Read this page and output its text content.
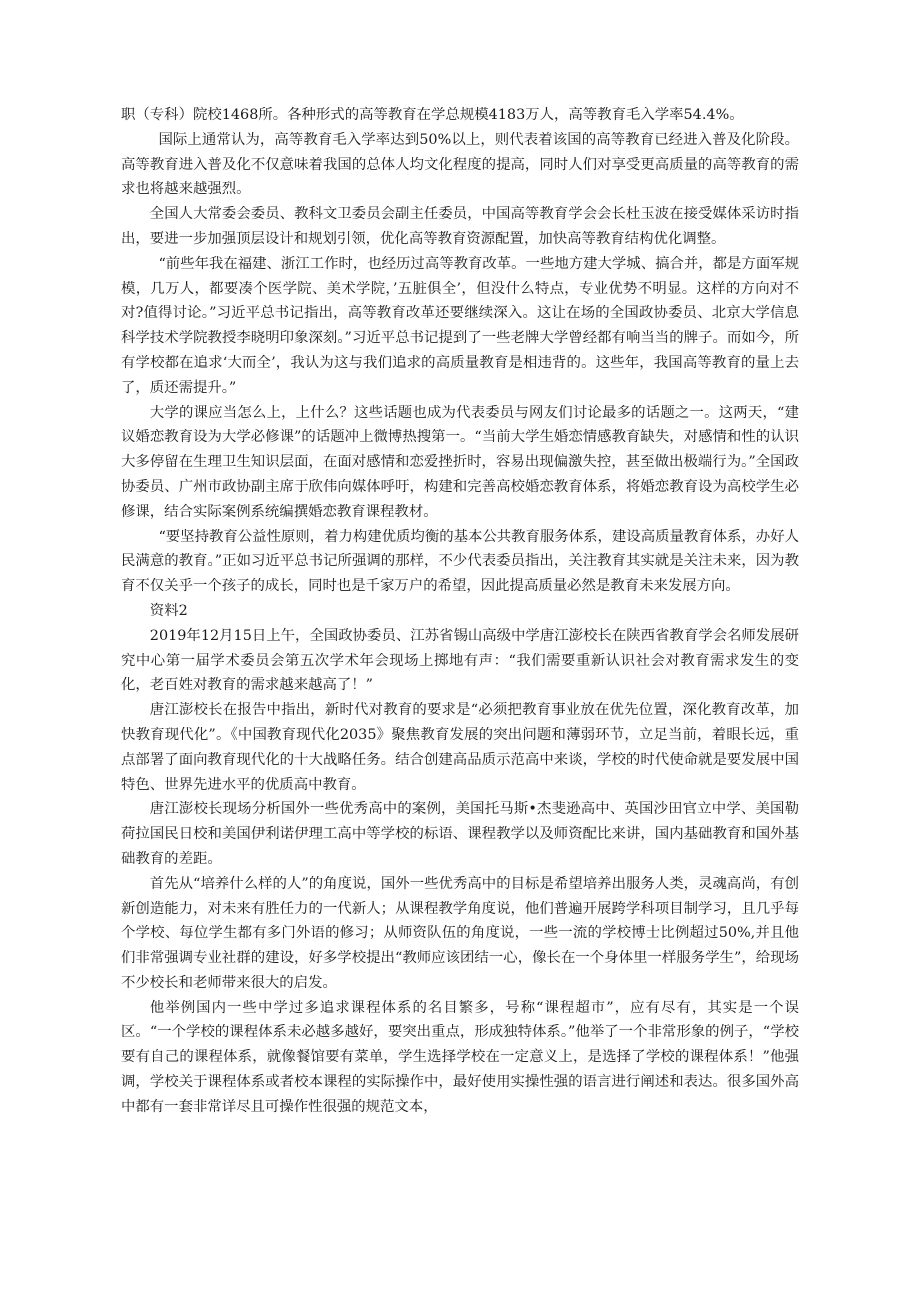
职（专科）院校1468所。各种形式的高等教育在学总规模4183万人，高等教育毛入学率54.4%。

国际上通常认为，高等教育毛入学率达到50%以上，则代表着该国的高等教育已经进入普及化阶段。高等教育进入普及化不仅意味着我国的总体人均文化程度的提高，同时人们对享受更高质量的高等教育的需求也将越来越强烈。

全国人大常委会委员、教科文卫委员会副主任委员，中国高等教育学会会长杜玉波在接受媒体采访时指出，要进一步加强顶层设计和规划引领，优化高等教育资源配置，加快高等教育结构优化调整。

“前些年我在福建、浙江工作时，也经历过高等教育改革。一些地方建大学城、搞合并，都是方面军规模，几万人，都要凑个医学院、美术学院，’五脏俱全’，但没什么特点，专业优势不明显。这样的方向对不对?值得讨论。”习近平总书记指出，高等教育改革还要继续深入。这让在场的全国政协委员、北京大学信息科学技术学院教授李晓明印象深刻。”习近平总书记提到了一些老牌大学曾经都有响当当的牌子。而如今，所有学校都在追求‘大而全’，我认为这与我们追求的高质量教育是相违背的。这些年，我国高等教育的量上去了，质还需提升。”

大学的课应当怎么上，上什么？这些话题也成为代表委员与网友们讨论最多的话题之一。这两天，“建议婚恋教育设为大学必修课”的话题冲上微博热搜第一。“当前大学生婚恋情感教育缺失，对感情和性的认识大多停留在生理卫生知识层面，在面对感情和恋爱挫折时，容易出现偏激失控，甚至做出极端行为。”全国政协委员、广州市政协副主席于欣伟向媒体呼吁，构建和完善高校婚恋教育体系，将婚恋教育设为高校学生必修课，结合实际案例系统编撰婚恋教育课程教材。

“要坚持教育公益性原则，着力构建优质均衡的基本公共教育服务体系，建设高质量教育体系，办好人民满意的教育。”正如习近平总书记所强调的那样，不少代表委员指出，关注教育其实就是关注未来，因为教育不仅关乎一个孩子的成长，同时也是千家万户的希望，因此提高质量必然是教育未来发展方向。

资料2

2019年12月15日上午，全国政协委员、江苏省锡山高级中学唐江澎校长在陕西省教育学会名师发展研究中心第一届学术委员会第五次学术年会现场上掷地有声：“我们需要重新认识社会对教育需求发生的变化，老百姓对教育的需求越来越高了！”

唐江澎校长在报告中指出，新时代对教育的要求是“必须把教育事业放在优先位置，深化教育改革，加快教育现代化”。《中国教育现代化2035》聚焦教育发展的突出问题和薄弱环节，立足当前，着眼长远，重点部署了面向教育现代化的十大战略任务。结合创建高品质示范高中来谈，学校的时代使命就是要发展中国特色、世界先进水平的优质高中教育。

唐江澎校长现场分析国外一些优秀高中的案例，美国托马斯•杰斐逊高中、英国沙田官立中学、美国勒荷拉国民日校和美国伊利诺伊理工高中等学校的标语、课程教学以及师资配比来讲，国内基础教育和国外基础教育的差距。

首先从“培养什么样的人”的角度说，国外一些优秀高中的目标是希望培养出服务人类，灵魂高尚，有创新创造能力，对未来有胜任力的一代新人；从课程教学角度说，他们普遍开展跨学科项目制学习，且几乎每个学校、每位学生都有多门外语的修习；从师资队伍的角度说，一些一流的学校博士比例超过50%,并且他们非常强调专业社群的建设，好多学校提出“教师应该团结一心，像长在一个身体里一样服务学生”，给现场不少校长和老师带来很大的启发。

他举例国内一些中学过多追求课程体系的名目繁多，号称“课程超市”，应有尽有，其实是一个误区。“一个学校的课程体系未必越多越好，要突出重点，形成独特体系。”他举了一个非常形象的例子，“学校要有自己的课程体系，就像餐馆要有菜单，学生选择学校在一定意义上，是选择了学校的课程体系！”他强调，学校关于课程体系或者校本课程的实际操作中，最好使用实操性强的语言进行阐述和表达。很多国外高中都有一套非常详尽且可操作性很强的规范文本，
